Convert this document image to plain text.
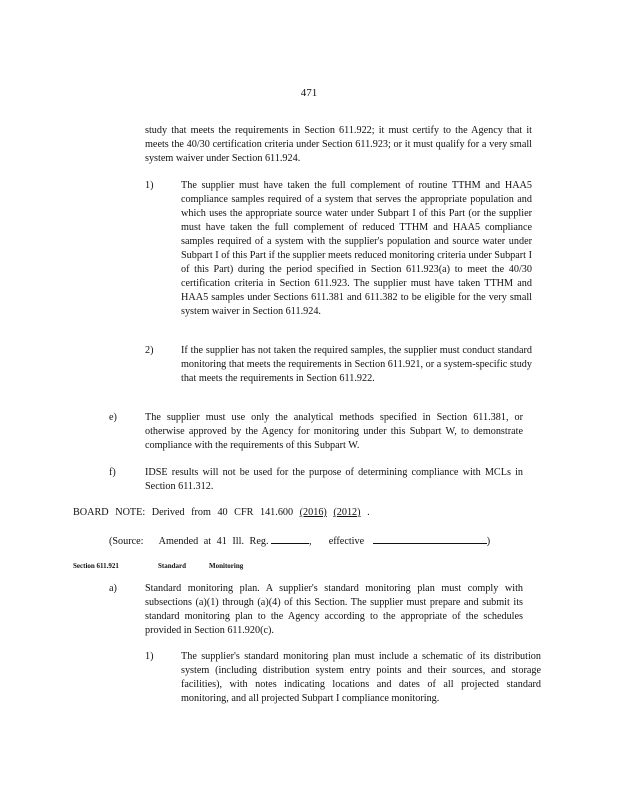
471
study that meets the requirements in Section 611.922; it must certify to the Agency that it meets the 40/30 certification criteria under Section 611.923; or it must qualify for a very small system waiver under Section 611.924.
1)	The supplier must have taken the full complement of routine TTHM and HAA5 compliance samples required of a system that serves the appropriate population and which uses the appropriate source water under Subpart I of this Part (or the supplier must have taken the full complement of reduced TTHM and HAA5 compliance samples required of a system with the supplier's population and source water under Subpart I of this Part if the supplier meets reduced monitoring criteria under Subpart I of this Part) during the period specified in Section 611.923(a) to meet the 40/30 certification criteria in Section 611.923. The supplier must have taken TTHM and HAA5 samples under Sections 611.381 and 611.382 to be eligible for the very small system waiver in Section 611.924.
2)	If the supplier has not taken the required samples, the supplier must conduct standard monitoring that meets the requirements in Section 611.921, or a system-specific study that meets the requirements in Section 611.922.
e)	The supplier must use only the analytical methods specified in Section 611.381, or otherwise approved by the Agency for monitoring under this Subpart W, to demonstrate compliance with the requirements of this Subpart W.
f)	IDSE results will not be used for the purpose of determining compliance with MCLs in Section 611.312.
BOARD NOTE: Derived from 40 CFR 141.600 (2016) (2012) .
(Source: Amended at 41 Ill. Reg.	, effective	)
Section 611.921	Standard	Monitoring
a)	Standard monitoring plan. A supplier's standard monitoring plan must comply with subsections (a)(1) through (a)(4) of this Section. The supplier must prepare and submit its standard monitoring plan to the Agency according to the appropriate of the schedules provided in Section 611.920(c).
1)	The supplier's standard monitoring plan must include a schematic of its distribution system (including distribution system entry points and their sources, and storage facilities), with notes indicating locations and dates of all projected standard monitoring, and all projected Subpart I compliance monitoring.
